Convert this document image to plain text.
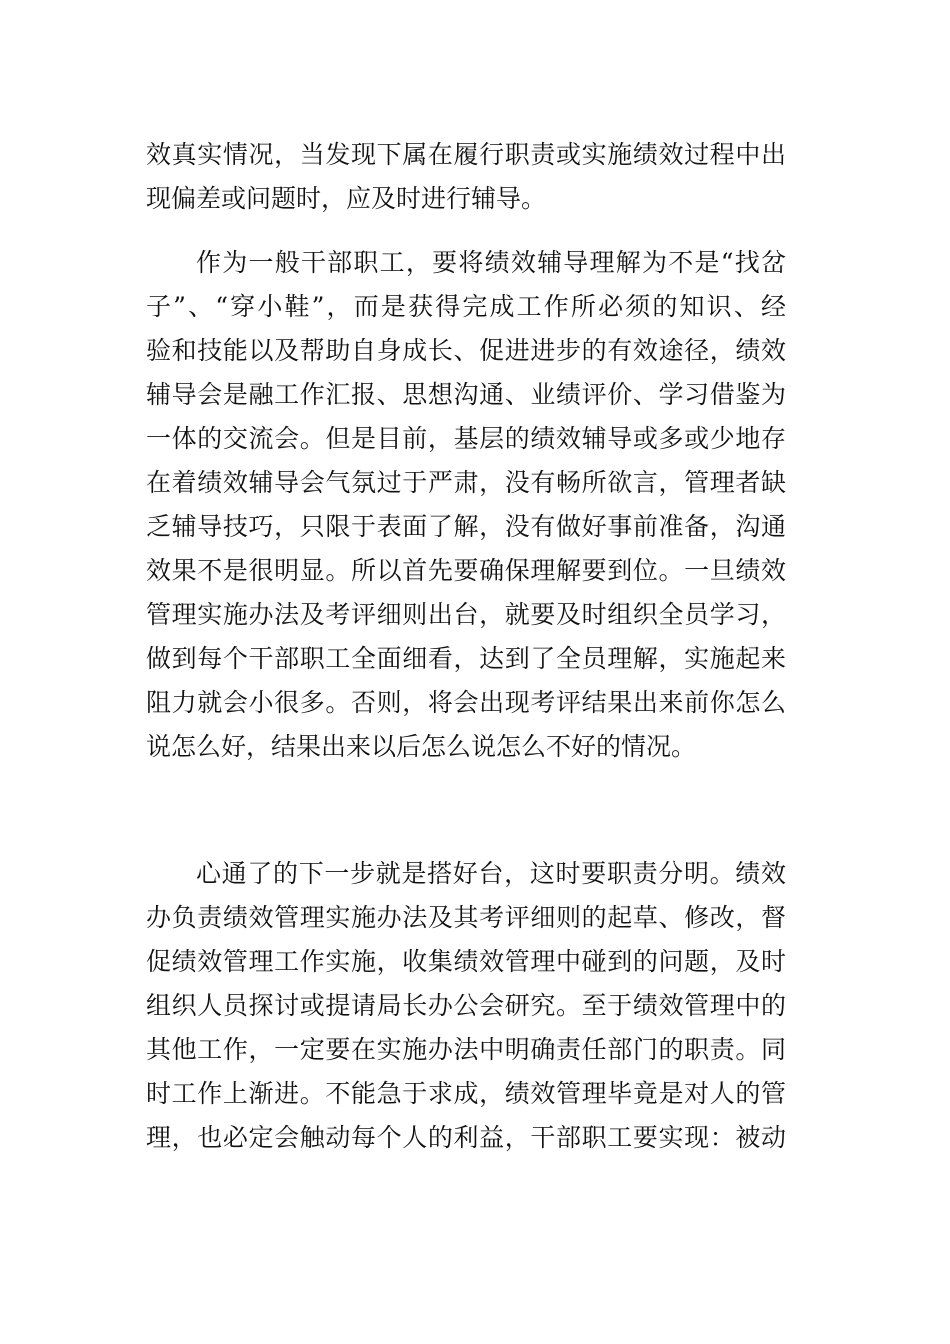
效真实情况，当发现下属在履行职责或实施绩效过程中出
现偏差或问题时，应及时进行辅导。
作为一般干部职工，要将绩效辅导理解为不是“找岔
子”、“穿小鞋”，而是获得完成工作所必须的知识、经
验和技能以及帮助自身成长、促进进步的有效途径，绩效
辅导会是融工作汇报、思想沟通、业绩评价、学习借鉴为
一体的交流会。但是目前，基层的绩效辅导或多或少地存
在着绩效辅导会气氛过于严肃，没有畅所欲言，管理者缺
乏辅导技巧，只限于表面了解，没有做好事前准备，沟通
效果不是很明显。所以首先要确保理解要到位。一旦绩效
管理实施办法及考评细则出台，就要及时组织全员学习，
做到每个干部职工全面细看，达到了全员理解，实施起来
阻力就会小很多。否则，将会出现考评结果出来前你怎么
说怎么好，结果出来以后怎么说怎么不好的情况。
心通了的下一步就是搭好台，这时要职责分明。绩效
办负责绩效管理实施办法及其考评细则的起草、修改，督
促绩效管理工作实施，收集绩效管理中碰到的问题，及时
组织人员探讨或提请局长办公会研究。至于绩效管理中的
其他工作，一定要在实施办法中明确责任部门的职责。同
时工作上渐进。不能急于求成，绩效管理毕竟是对人的管
理，也必定会触动每个人的利益，干部职工要实现：被动
